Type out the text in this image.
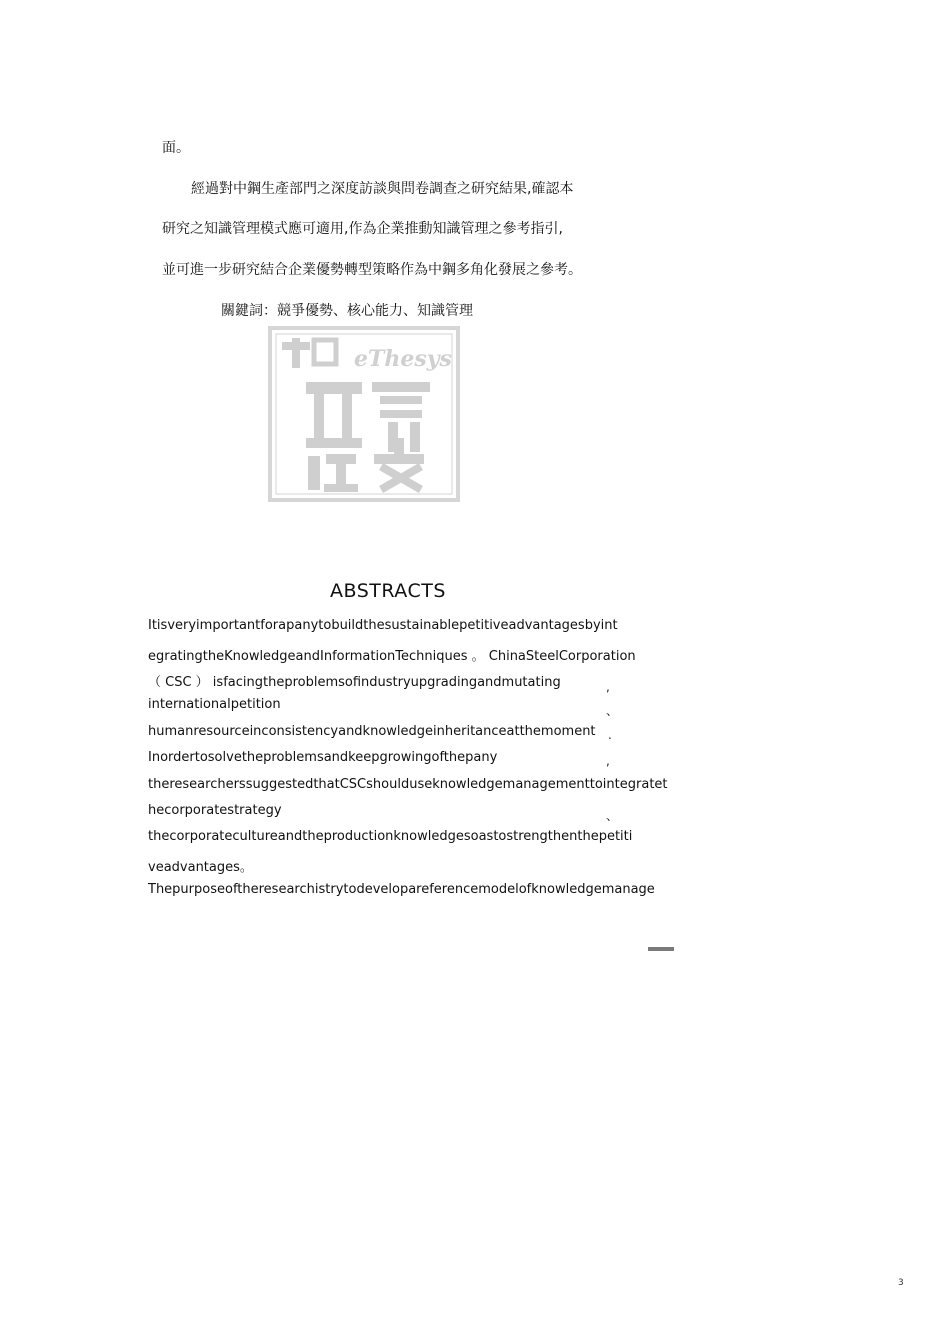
面。
經過對中鋼生產部門之深度訪談與問卷調查之研究結果,確認本
研究之知識管理模式應可適用,作為企業推動知識管理之參考指引,
並可進一步研究結合企業優勢轉型策略作為中鋼多角化發展之參考。
關鍵詞：競爭優勢、核心能力、知識管理
eThesys
ABSTRACTS
Itisveryimportantforapanytobuildthesustainablepetitiveadvantagesbyint
egratingtheKnowledgeandInformationTechniques 。 ChinaSteelCorporation
（ CSC ） isfacingtheproblemsofindustryupgradingandmutating
internationalpetition
humanresourceinconsistencyandknowledgeinheritanceatthemoment
Inordertosolvetheproblemsandkeepgrowingofthepany
theresearcherssuggestedthatCSCshoulduseknowledgemanagementtointegratet
hecorporatestrategy
thecorporatecultureandtheproductionknowledgesoastostrengthenthepetiti
veadvantages。
Thepurposeoftheresearchistrytodevelopareferencemodelofknowledgemanage
,
、
.
,
、
3
